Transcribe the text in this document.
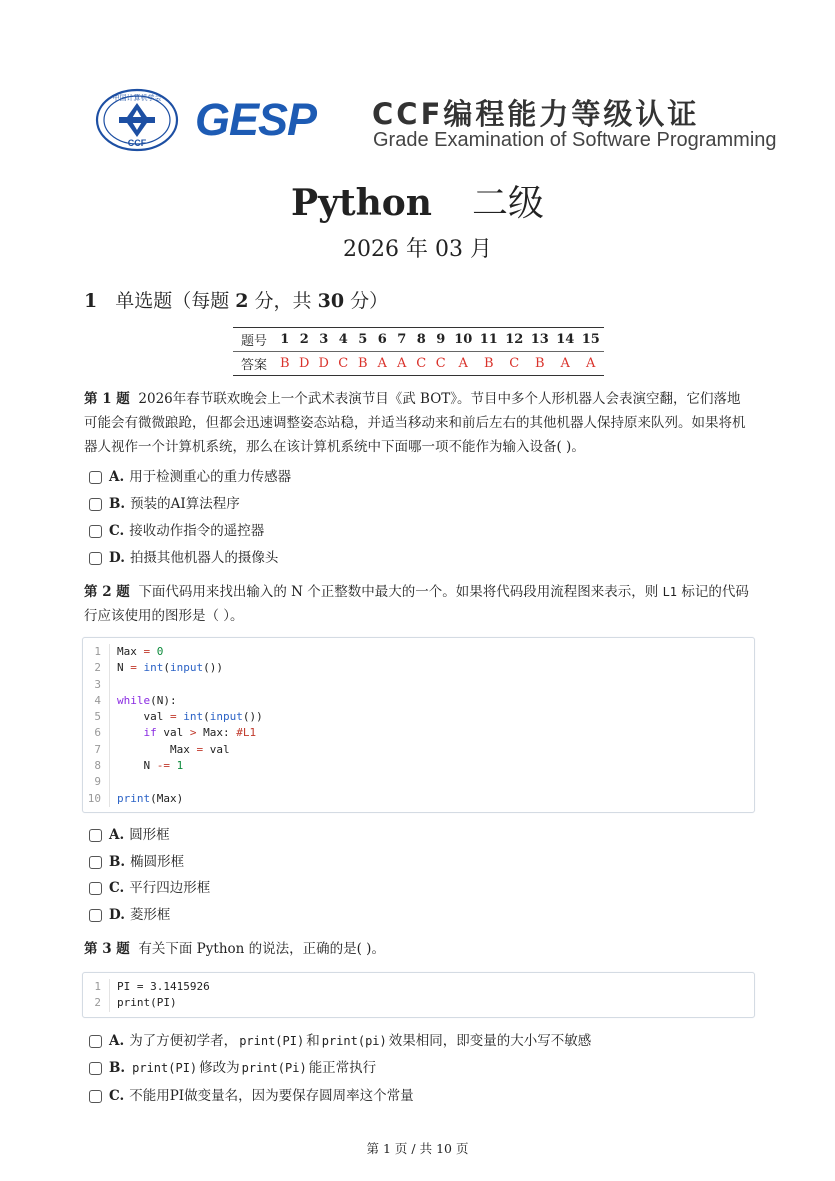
中国计算机学会
CCF GESP CCF编程能力等级认证
Grade Examination of Software Programming
Python 二级
2026 年 03 月
1 单选题（每题 2 分，共 30 分）
题号	1	2	3	4	5	6	7	8	9	10	11	12	13	14	15
答案	B	D	D	C	B	A	A	C	C	A	B	C	B	A	A
第 1 题 2026年春节联欢晚会上一个武术表演节目《武 BOT》。节目中多个人形机器人会表演空翻，它们落地可能会有微微踉跄，但都会迅速调整姿态站稳，并适当移动来和前后左右的其他机器人保持原来队列。如果将机器人视作一个计算机系统，那么在该计算机系统中下面哪一项不能作为输入设备( )。
A. 用于检测重心的重力传感器
B. 预装的AI算法程序
C. 接收动作指令的遥控器
D. 拍摄其他机器人的摄像头
第 2 题 下面代码用来找出输入的 N 个正整数中最大的一个。如果将代码段用流程图来表示，则 L1 标记的代码行应该使用的图形是（ ）。
1	Max = 0
2	N = int(input())
3
4	while(N):
5	val = int(input())
6	if val > Max: #L1
7	Max = val
8	N -= 1
9
10	print(Max)
A. 圆形框
B. 椭圆形框
C. 平行四边形框
D. 菱形框
第 3 题 有关下面 Python 的说法，正确的是( )。
1	PI = 3.1415926
2	print(PI)
A. 为了方便初学者， print(PI) 和 print(pi) 效果相同，即变量的大小写不敏感
B. print(PI) 修改为 print(Pi) 能正常执行
C. 不能用PI做变量名，因为要保存圆周率这个常量
第 1 页 / 共 10 页
